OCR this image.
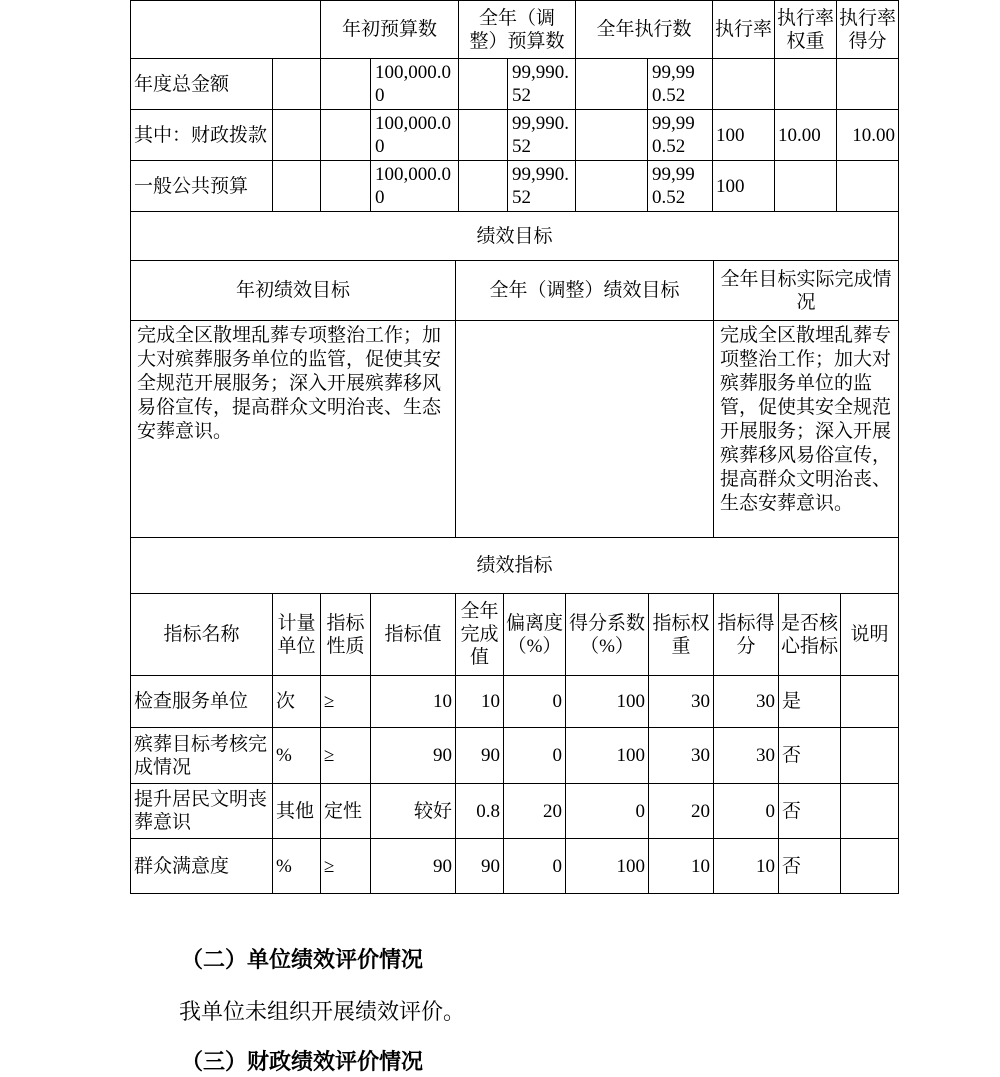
		年初预算数		全年（调整）预算数		全年执行数		执行率	执行率权重	执行率得分
年度总金额			100,000.00		99,990.52		99,990.52			
其中：财政拨款			100,000.00		99,990.52		99,990.52	100	10.00	10.00
一般公共预算			100,000.00		99,990.52		99,990.52	100		
绩效目标		
年初绩效目标	全年（调整）绩效目标	全年目标实际完成情况
完成全区散埋乱葬专项整治工作；加大对殡葬服务单位的监管，促使其安全规范开展服务；深入开展殡葬移风易俗宣传，提高群众文明治丧、生态安葬意识。		完成全区散埋乱葬专项整治工作；加大对殡葬服务单位的监管，促使其安全规范开展服务；深入开展殡葬移风易俗宣传，提高群众文明治丧、生态安葬意识。
绩效指标										
指标名称	计量单位	指标性质	指标值	全年完成值	偏离度（%）	得分系数（%）	指标权重	指标得分	是否核心指标	说明
检查服务单位	次	≥	10	10	0	100	30	30	是	
殡葬目标考核完成情况	%	≥	90	90	0	100	30	30	否	
提升居民文明丧葬意识	其他	定性	较好	0.8	20	0	20	0	否	
群众满意度	%	≥	90	90	0	100	10	10	否	

（二）单位绩效评价情况

我单位未组织开展绩效评价。

（三）财政绩效评价情况
